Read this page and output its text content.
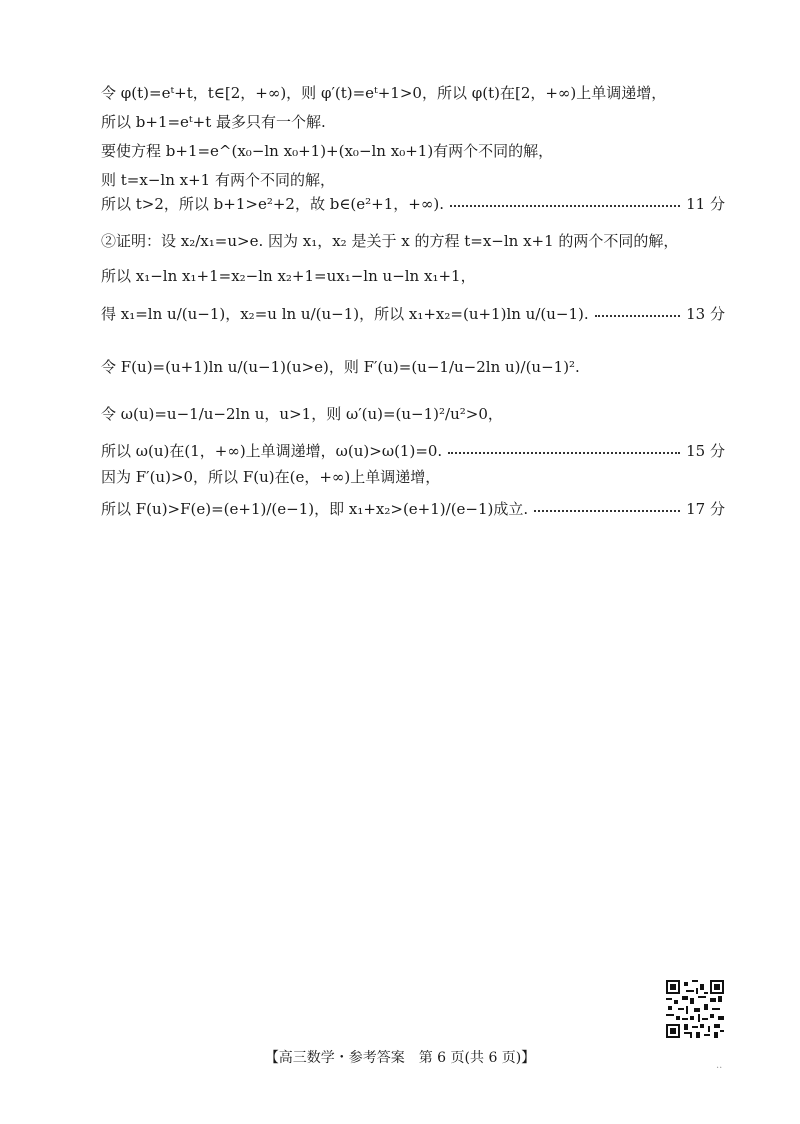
令 φ(t)=eᵗ+t，t∈[2，+∞)，则 φ′(t)=eᵗ+1>0，所以 φ(t)在[2，+∞)上单调递增，
所以 b+1=eᵗ+t 最多只有一个解.
要使方程 b+1=e^(x₀−ln x₀+1)+(x₀−ln x₀+1)有两个不同的解，
则 t=x−ln x+1 有两个不同的解，
所以 t>2，所以 b+1>e²+2，故 b∈(e²+1，+∞).	11 分
②证明：设 x₂/x₁=u>e. 因为 x₁，x₂ 是关于 x 的方程 t=x−ln x+1 的两个不同的解，
所以 x₁−ln x₁+1=x₂−ln x₂+1=ux₁−ln u−ln x₁+1，
得 x₁=ln u/(u−1)，x₂=u ln u/(u−1)，所以 x₁+x₂=(u+1)ln u/(u−1).	13 分
令 F(u)=(u+1)ln u/(u−1)(u>e)，则 F′(u)=(u−1/u−2ln u)/(u−1)².
令 ω(u)=u−1/u−2ln u，u>1，则 ω′(u)=(u−1)²/u²>0，
所以 ω(u)在(1，+∞)上单调递增，ω(u)>ω(1)=0.	15 分
因为 F′(u)>0，所以 F(u)在(e，+∞)上单调递增，
所以 F(u)>F(e)=(e+1)/(e−1)，即 x₁+x₂>(e+1)/(e−1)成立.	17 分
【高三数学・参考答案　第 6 页(共 6 页)】	..
